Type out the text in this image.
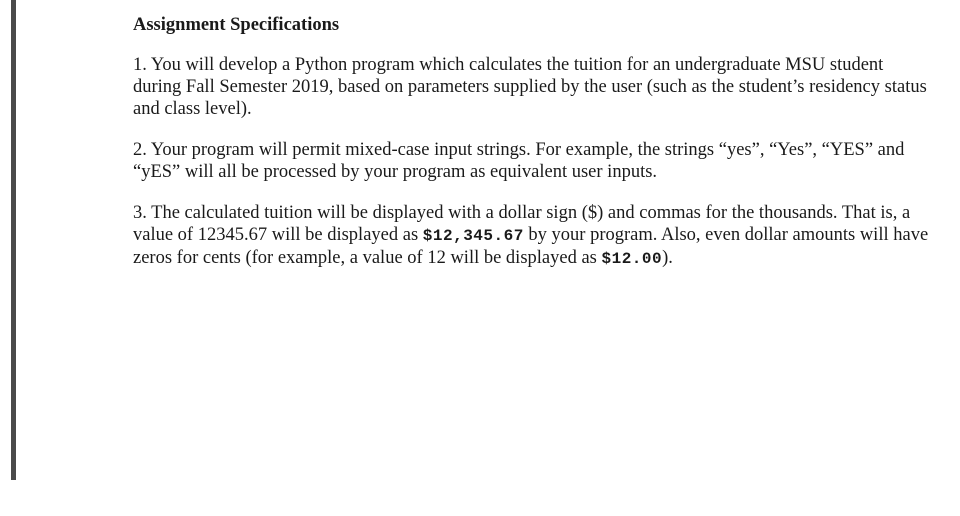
Assignment Specifications

1. You will develop a Python program which calculates the tuition for an undergraduate MSU student during Fall Semester 2019, based on parameters supplied by the user (such as the student’s residency status and class level).

2. Your program will permit mixed-case input strings. For example, the strings “yes”, “Yes”, “YES” and “yES” will all be processed by your program as equivalent user inputs.

3. The calculated tuition will be displayed with a dollar sign ($) and commas for the thousands. That is, a value of 12345.67 will be displayed as $12,345.67 by your program. Also, even dollar amounts will have zeros for cents (for example, a value of 12 will be displayed as $12.00).
